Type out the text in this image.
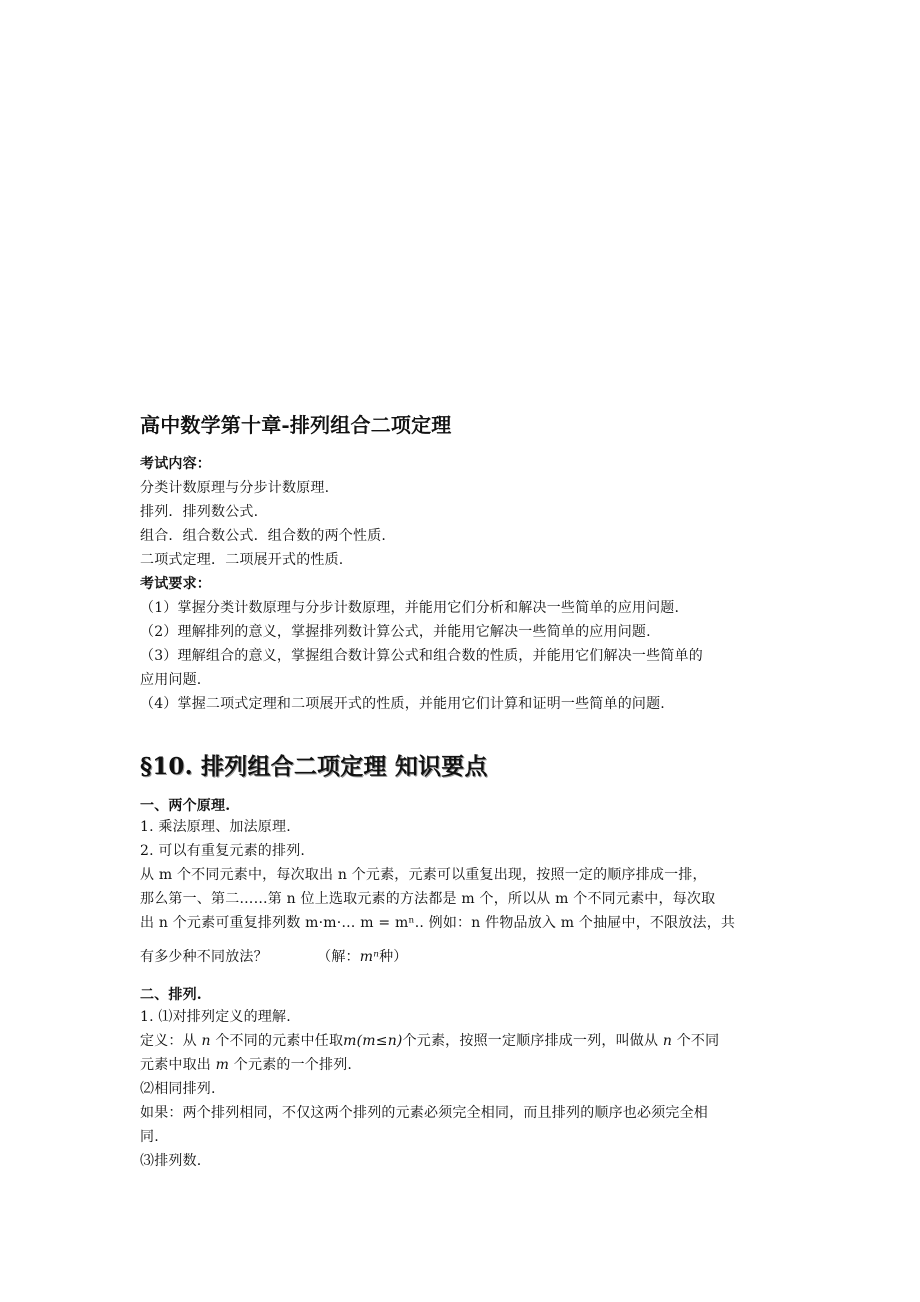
高中数学第十章-排列组合二项定理
考试内容：
分类计数原理与分步计数原理.
排列．排列数公式.
组合．组合数公式．组合数的两个性质.
二项式定理．二项展开式的性质.
考试要求：
（1）掌握分类计数原理与分步计数原理，并能用它们分析和解决一些简单的应用问题.
（2）理解排列的意义，掌握排列数计算公式，并能用它解决一些简单的应用问题.
（3）理解组合的意义，掌握组合数计算公式和组合数的性质，并能用它们解决一些简单的
应用问题.
（4）掌握二项式定理和二项展开式的性质，并能用它们计算和证明一些简单的问题.
§10. 排列组合二项定理 知识要点
一、两个原理.
1. 乘法原理、加法原理.
2. 可以有重复元素的排列.
从 m 个不同元素中，每次取出 n 个元素，元素可以重复出现，按照一定的顺序排成一排，
那么第一、第二……第 n 位上选取元素的方法都是 m 个，所以从 m 个不同元素中，每次取
出 n 个元素可重复排列数 m·m·… m = mⁿ.. 例如：n 件物品放入 m 个抽屉中，不限放法，共
有多少种不同放法？	（解：mⁿ种）
二、排列.
1. ⑴对排列定义的理解.
定义：从 n 个不同的元素中任取m(m≤n)个元素，按照一定顺序排成一列，叫做从 n 个不同
元素中取出 m 个元素的一个排列.
⑵相同排列.
如果：两个排列相同，不仅这两个排列的元素必须完全相同，而且排列的顺序也必须完全相
同.
⑶排列数.
